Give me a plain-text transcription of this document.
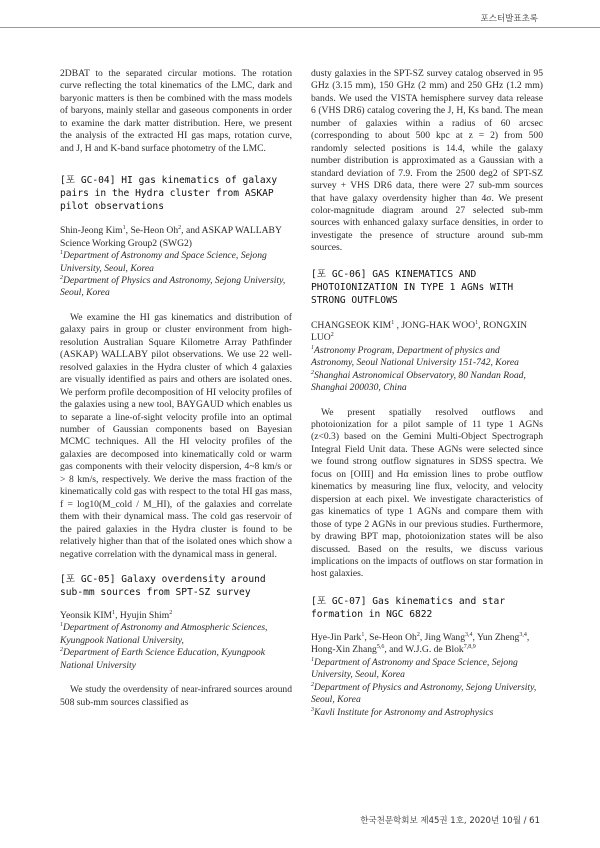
포스터발표초록

2DBAT to the separated circular motions. The rotation curve reflecting the total kinematics of the LMC, dark and baryonic matters is then be combined with the mass models of baryons, mainly stellar and gaseous components in order to examine the dark matter distribution. Here, we present the analysis of the extracted HI gas maps, rotation curve, and J, H and K-band surface photometry of the LMC.

[포 GC-04] HI gas kinematics of galaxy pairs in the Hydra cluster from ASKAP pilot observations

Shin-Jeong Kim$^1$, Se-Heon Oh$^2$, and ASKAP WALLABY Science Working Group2 (SWG2)

$^1$Department of Astronomy and Space Science, Sejong University, Seoul, Korea

$^2$Department of Physics and Astronomy, Sejong University, Seoul, Korea

We examine the HI gas kinematics and distribution of galaxy pairs in group or cluster environment from high-resolution Australian Square Kilometre Array Pathfinder (ASKAP) WALLABY pilot observations. We use 22 well-resolved galaxies in the Hydra cluster of which 4 galaxies are visually identified as pairs and others are isolated ones. We perform profile decomposition of HI velocity profiles of the galaxies using a new tool, BAYGAUD which enables us to separate a line-of-sight velocity profile into an optimal number of Gaussian components based on Bayesian MCMC techniques. All the HI velocity profiles of the galaxies are decomposed into kinematically cold or warm gas components with their velocity dispersion, 4~8 km/s or > 8 km/s, respectively. We derive the mass fraction of the kinematically cold gas with respect to the total HI gas mass, f = log10(M_cold / M_HI), of the galaxies and correlate them with their dynamical mass. The cold gas reservoir of the paired galaxies in the Hydra cluster is found to be relatively higher than that of the isolated ones which show a negative correlation with the dynamical mass in general.

[포 GC-05] Galaxy overdensity around sub-mm sources from SPT-SZ survey

Yeonsik KIM$^1$, Hyujin Shim$^2$

$^1$Department of Astronomy and Atmospheric Sciences, Kyungpook National University,

$^2$Department of Earth Science Education, Kyungpook National University

We study the overdensity of near-infrared sources around 508 sub-mm sources classified as

dusty galaxies in the SPT-SZ survey catalog observed in 95 GHz (3.15 mm), 150 GHz (2 mm) and 250 GHz (1.2 mm) bands. We used the VISTA hemisphere survey data release 6 (VHS DR6) catalog covering the J, H, Ks band. The mean number of galaxies within a radius of 60 arcsec (corresponding to about 500 kpc at z = 2) from 500 randomly selected positions is 14.4, while the galaxy number distribution is approximated as a Gaussian with a standard deviation of 7.9. From the 2500 deg2 of SPT-SZ survey + VHS DR6 data, there were 27 sub-mm sources that have galaxy overdensity higher than 4σ. We present color-magnitude diagram around 27 selected sub-mm sources with enhanced galaxy surface densities, in order to investigate the presence of structure around sub-mm sources.

[포 GC-06] GAS KINEMATICS AND PHOTOIONIZATION IN TYPE 1 AGNs WITH STRONG OUTFLOWS

CHANGSEOK KIM$^1$ , JONG-HAK WOO$^1$, RONGXIN LUO$^2$

$^1$Astronomy Program, Department of physics and Astronomy, Seoul National University 151-742, Korea

$^2$Shanghai Astronomical Observatory, 80 Nandan Road, Shanghai 200030, China

We present spatially resolved outflows and photoionization for a pilot sample of 11 type 1 AGNs (z<0.3) based on the Gemini Multi-Object Spectrograph Integral Field Unit data. These AGNs were selected since we found strong outflow signatures in SDSS spectra. We focus on [OIII] and Hα emission lines to probe outflow kinematics by measuring line flux, velocity, and velocity dispersion at each pixel. We investigate characteristics of gas kinematics of type 1 AGNs and compare them with those of type 2 AGNs in our previous studies. Furthermore, by drawing BPT map, photoionization states will be also discussed. Based on the results, we discuss various implications on the impacts of outflows on star formation in host galaxies.

[포 GC-07] Gas kinematics and star formation in NGC 6822

Hye-Jin Park$^1$, Se-Heon Oh$^2$, Jing Wang$^{3,4}$, Yun Zheng$^{3,4}$, Hong-Xin Zhang$^{5,6}$, and W.J.G. de Blok$^{7,8,9}$

$^1$Department of Astronomy and Space Science, Sejong University, Seoul, Korea

$^2$Department of Physics and Astronomy, Sejong University, Seoul, Korea

$^3$Kavli Institute for Astronomy and Astrophysics

한국천문학회보 제45권 1호, 2020년 10월 / 61
